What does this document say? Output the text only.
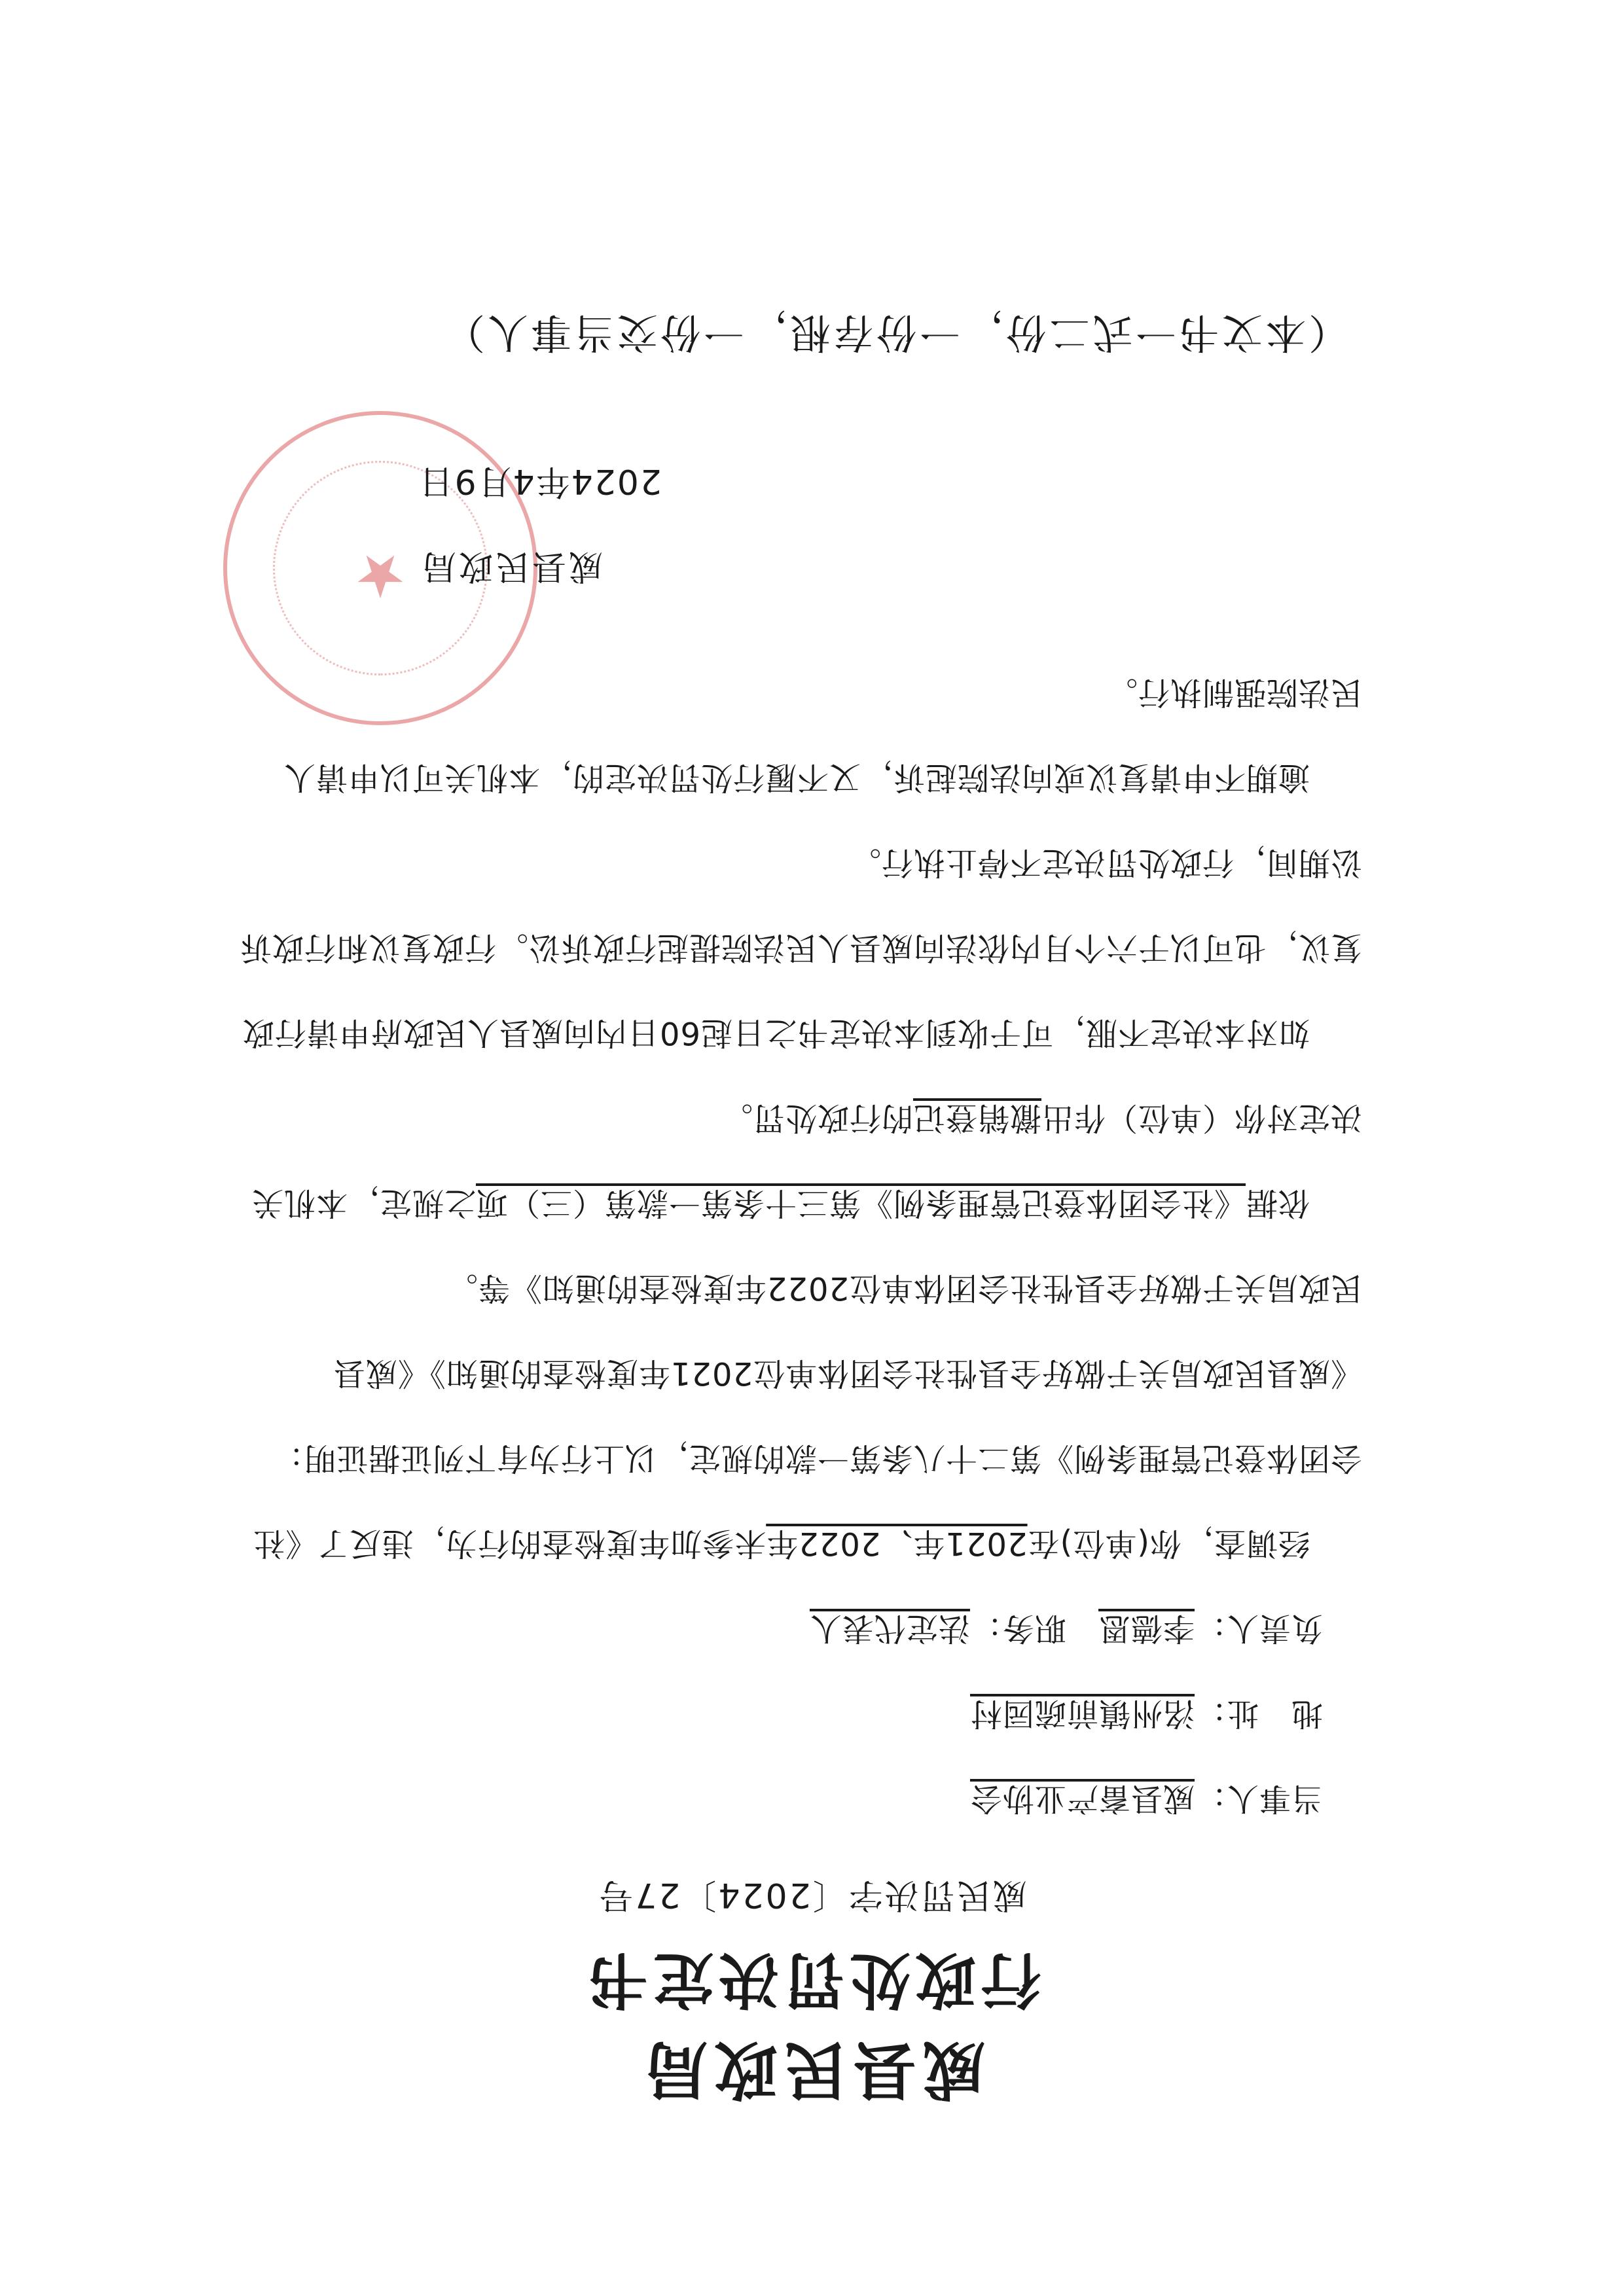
威县民政局
行政处罚决定书
威民罚决字〔2024〕27号
当事人：威县畜产业协会
地　址：洺州镇前疏园村
负责人：李德恩　职务：法定代表人
经调查，你(单位)在2021年、2022年未参加年度检查的行为，违反了《社
会团体登记管理条例》第二十八条第一款的规定，以上行为有下列证据证明：
《威县民政局关于做好全县性社会团体单位2021年度检查的通知》《威县
民政局关于做好全县性社会团体单位2022年度检查的通知》等。
依据《社会团体登记管理条例》第三十条第一款第（三）项之规定，本机关
决定对你（单位）作出撤销登记的行政处罚。
如对本决定不服，可于收到本决定书之日起60日内向威县人民政府申请行政
复议，也可以于六个月内依法向威县人民法院提起行政诉讼。行政复议和行政诉
讼期间，行政处罚决定不停止执行。
逾期不申请复议或向法院起诉，又不履行处罚决定的，本机关可以申请人
民法院强制执行。
★ 威县民政局
2024年4月9日
（本文书一式二份，一份存根，一份交当事人）
